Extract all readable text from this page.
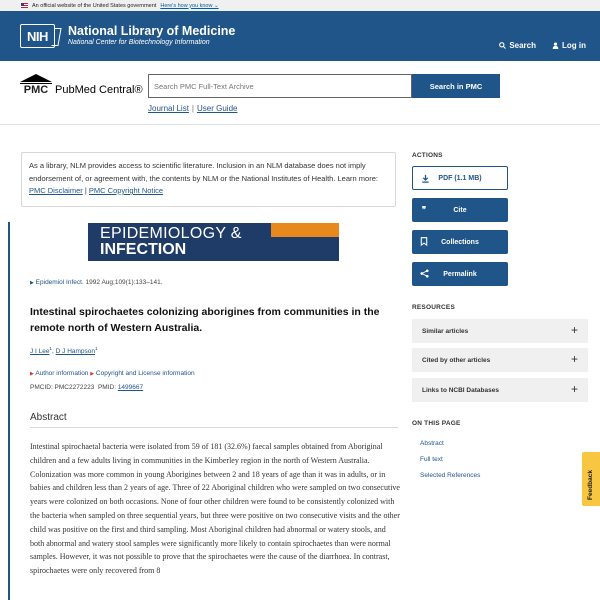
An official website of the United States government Here's how you know ⌄
NIH	National Library of Medicine
National Center for Biotechnology Information	Search	Log in
PMC PubMed Central®	Search PMC Full-Text Archive	Search in PMC
Journal List | User Guide
As a library, NLM provides access to scientific literature. Inclusion in an NLM database does not imply endorsement of, or agreement with, the contents by NLM or the National Institutes of Health. Learn more: PMC Disclaimer | PMC Copyright Notice
EPIDEMIOLOGY &
INFECTION
▶ Epidemiol Infect. 1992 Aug;109(1):133–141.
Intestinal spirochaetes colonizing aborigines from communities in the remote north of Western Australia.
J I Lee$^1$, D J Hampson$^1$
▶ Author information ▶ Copyright and License information
PMCID: PMC2272223 PMID: 1499667
Abstract
Intestinal spirochaetal bacteria were isolated from 59 of 181 (32.6%) faecal samples obtained from Aboriginal children and a few adults living in communities in the Kimberley region in the north of Western Australia. Colonization was more common in young Aborigines between 2 and 18 years of age than it was in adults, or in babies and children less than 2 years of age. Three of 22 Aboriginal children who were sampled on two consecutive years were colonized on both occasions. None of four other children were found to be consistently colonized with the bacteria when sampled on three sequential years, but three were positive on two consecutive visits and the other child was positive on the first and third sampling. Most Aboriginal children had abnormal or watery stools, and both abnormal and watery stool samples were significantly more likely to contain spirochaetes than were normal samples. However, it was not possible to prove that the spirochaetes were the cause of the diarrhoea. In contrast, spirochaetes were only recovered from 8
ACTIONS
PDF (1.1 MB)
❞	Cite
Collections
Permalink
RESOURCES
Similar articles	+
Cited by other articles	+
Links to NCBI Databases	+
ON THIS PAGE
Abstract
Full text
Selected References	Feedback
